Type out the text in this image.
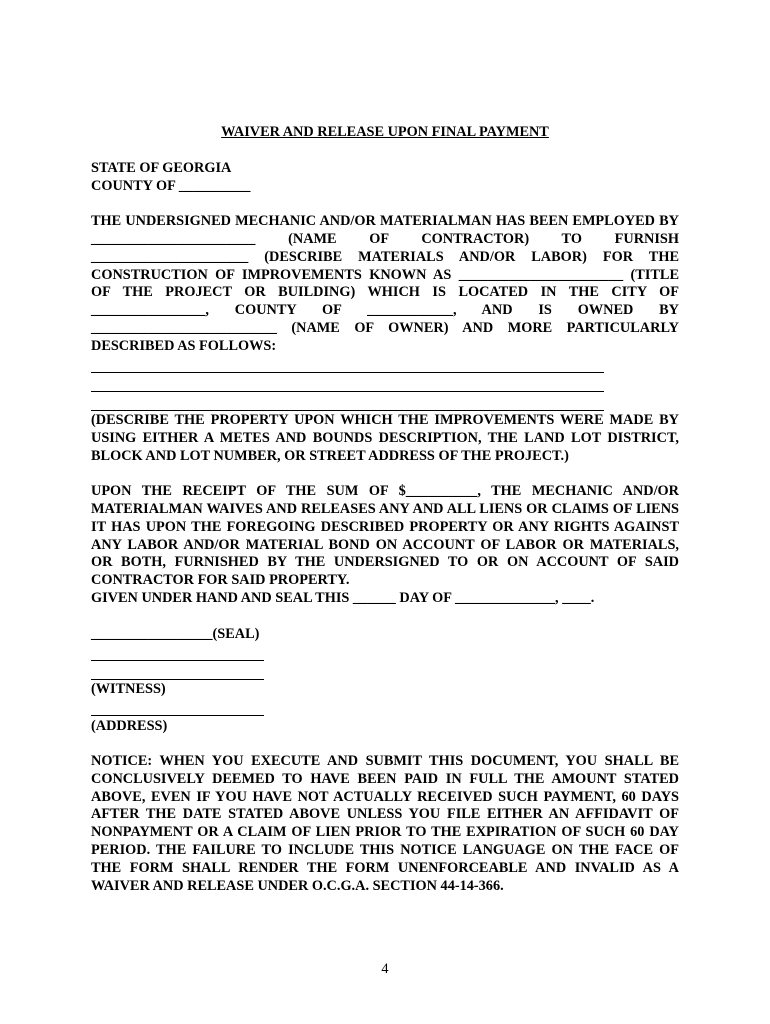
WAIVER AND RELEASE UPON FINAL PAYMENT
STATE OF GEORGIA
COUNTY OF __________
THE UNDERSIGNED MECHANIC AND/OR MATERIALMAN HAS BEEN EMPLOYED BY _______________________ (NAME OF CONTRACTOR) TO FURNISH ______________________ (DESCRIBE MATERIALS AND/OR LABOR) FOR THE CONSTRUCTION OF IMPROVEMENTS KNOWN AS _______________________ (TITLE OF THE PROJECT OR BUILDING) WHICH IS LOCATED IN THE CITY OF ________________, COUNTY OF ____________, AND IS OWNED BY __________________________ (NAME OF OWNER) AND MORE PARTICULARLY DESCRIBED AS FOLLOWS:
(DESCRIBE THE PROPERTY UPON WHICH THE IMPROVEMENTS WERE MADE BY USING EITHER A METES AND BOUNDS DESCRIPTION, THE LAND LOT DISTRICT, BLOCK AND LOT NUMBER, OR STREET ADDRESS OF THE PROJECT.)
UPON THE RECEIPT OF THE SUM OF $__________, THE MECHANIC AND/OR MATERIALMAN WAIVES AND RELEASES ANY AND ALL LIENS OR CLAIMS OF LIENS IT HAS UPON THE FOREGOING DESCRIBED PROPERTY OR ANY RIGHTS AGAINST ANY LABOR AND/OR MATERIAL BOND ON ACCOUNT OF LABOR OR MATERIALS, OR BOTH, FURNISHED BY THE UNDERSIGNED TO OR ON ACCOUNT OF SAID CONTRACTOR FOR SAID PROPERTY.
GIVEN UNDER HAND AND SEAL THIS ______ DAY OF ______________, ____.
_________________(SEAL)
(WITNESS)
(ADDRESS)
NOTICE: WHEN YOU EXECUTE AND SUBMIT THIS DOCUMENT, YOU SHALL BE CONCLUSIVELY DEEMED TO HAVE BEEN PAID IN FULL THE AMOUNT STATED ABOVE, EVEN IF YOU HAVE NOT ACTUALLY RECEIVED SUCH PAYMENT, 60 DAYS AFTER THE DATE STATED ABOVE UNLESS YOU FILE EITHER AN AFFIDAVIT OF NONPAYMENT OR A CLAIM OF LIEN PRIOR TO THE EXPIRATION OF SUCH 60 DAY PERIOD. THE FAILURE TO INCLUDE THIS NOTICE LANGUAGE ON THE FACE OF THE FORM SHALL RENDER THE FORM UNENFORCEABLE AND INVALID AS A WAIVER AND RELEASE UNDER O.C.G.A. SECTION 44-14-366.
4
